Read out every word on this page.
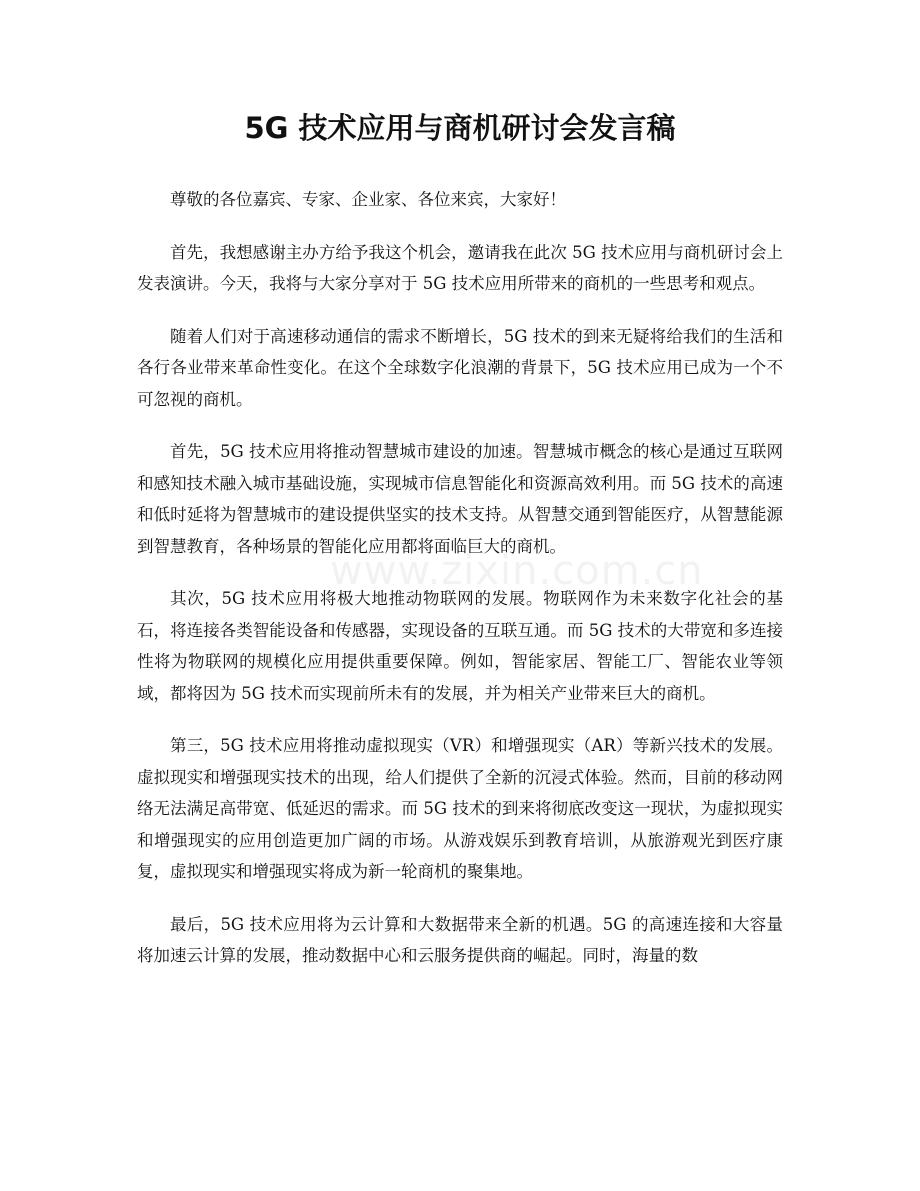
5G 技术应用与商机研讨会发言稿
www.zixin.com.cn

尊敬的各位嘉宾、专家、企业家、各位来宾，大家好！

首先，我想感谢主办方给予我这个机会，邀请我在此次 5G 技术应用与商机研讨会上发表演讲。今天，我将与大家分享对于 5G 技术应用所带来的商机的一些思考和观点。

随着人们对于高速移动通信的需求不断增长，5G 技术的到来无疑将给我们的生活和各行各业带来革命性变化。在这个全球数字化浪潮的背景下，5G 技术应用已成为一个不可忽视的商机。

首先，5G 技术应用将推动智慧城市建设的加速。智慧城市概念的核心是通过互联网和感知技术融入城市基础设施，实现城市信息智能化和资源高效利用。而 5G 技术的高速和低时延将为智慧城市的建设提供坚实的技术支持。从智慧交通到智能医疗，从智慧能源到智慧教育，各种场景的智能化应用都将面临巨大的商机。

其次，5G 技术应用将极大地推动物联网的发展。物联网作为未来数字化社会的基石，将连接各类智能设备和传感器，实现设备的互联互通。而 5G 技术的大带宽和多连接性将为物联网的规模化应用提供重要保障。例如，智能家居、智能工厂、智能农业等领域，都将因为 5G 技术而实现前所未有的发展，并为相关产业带来巨大的商机。

第三，5G 技术应用将推动虚拟现实（VR）和增强现实（AR）等新兴技术的发展。虚拟现实和增强现实技术的出现，给人们提供了全新的沉浸式体验。然而，目前的移动网络无法满足高带宽、低延迟的需求。而 5G 技术的到来将彻底改变这一现状，为虚拟现实和增强现实的应用创造更加广阔的市场。从游戏娱乐到教育培训，从旅游观光到医疗康复，虚拟现实和增强现实将成为新一轮商机的聚集地。

最后，5G 技术应用将为云计算和大数据带来全新的机遇。5G 的高速连接和大容量将加速云计算的发展，推动数据中心和云服务提供商的崛起。同时，海量的数
